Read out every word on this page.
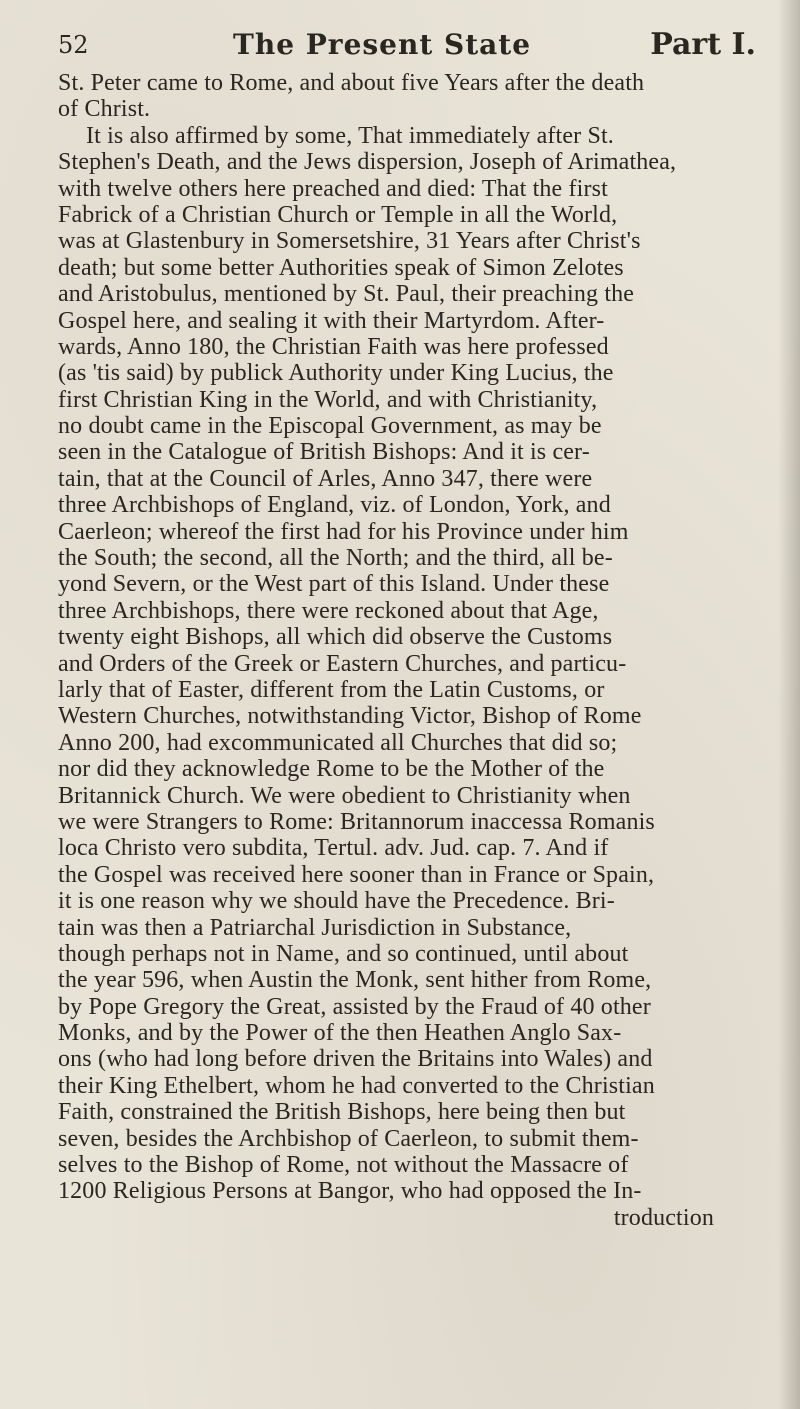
52	The Present State	Part I.
St. Peter came to Rome, and about five Years after the death
of Christ.
It is also affirmed by some, That immediately after St.
Stephen's Death, and the Jews dispersion, Joseph of Arimathea,
with twelve others here preached and died: That the first
Fabrick of a Christian Church or Temple in all the World,
was at Glastenbury in Somersetshire, 31 Years after Christ's
death; but some better Authorities speak of Simon Zelotes
and Aristobulus, mentioned by St. Paul, their preaching the
Gospel here, and sealing it with their Martyrdom. After-
wards, Anno 180, the Christian Faith was here professed
(as 'tis said) by publick Authority under King Lucius, the
first Christian King in the World, and with Christianity,
no doubt came in the Episcopal Government, as may be
seen in the Catalogue of British Bishops: And it is cer-
tain, that at the Council of Arles, Anno 347, there were
three Archbishops of England, viz. of London, York, and
Caerleon; whereof the first had for his Province under him
the South; the second, all the North; and the third, all be-
yond Severn, or the West part of this Island. Under these
three Archbishops, there were reckoned about that Age,
twenty eight Bishops, all which did observe the Customs
and Orders of the Greek or Eastern Churches, and particu-
larly that of Easter, different from the Latin Customs, or
Western Churches, notwithstanding Victor, Bishop of Rome
Anno 200, had excommunicated all Churches that did so;
nor did they acknowledge Rome to be the Mother of the
Britannick Church. We were obedient to Christianity when
we were Strangers to Rome: Britannorum inaccessa Romanis
loca Christo vero subdita, Tertul. adv. Jud. cap. 7. And if
the Gospel was received here sooner than in France or Spain,
it is one reason why we should have the Precedence. Bri-
tain was then a Patriarchal Jurisdiction in Substance,
though perhaps not in Name, and so continued, until about
the year 596, when Austin the Monk, sent hither from Rome,
by Pope Gregory the Great, assisted by the Fraud of 40 other
Monks, and by the Power of the then Heathen Anglo Sax-
ons (who had long before driven the Britains into Wales) and
their King Ethelbert, whom he had converted to the Christian
Faith, constrained the British Bishops, here being then but
seven, besides the Archbishop of Caerleon, to submit them-
selves to the Bishop of Rome, not without the Massacre of
1200 Religious Persons at Bangor, who had opposed the In-
troduction
